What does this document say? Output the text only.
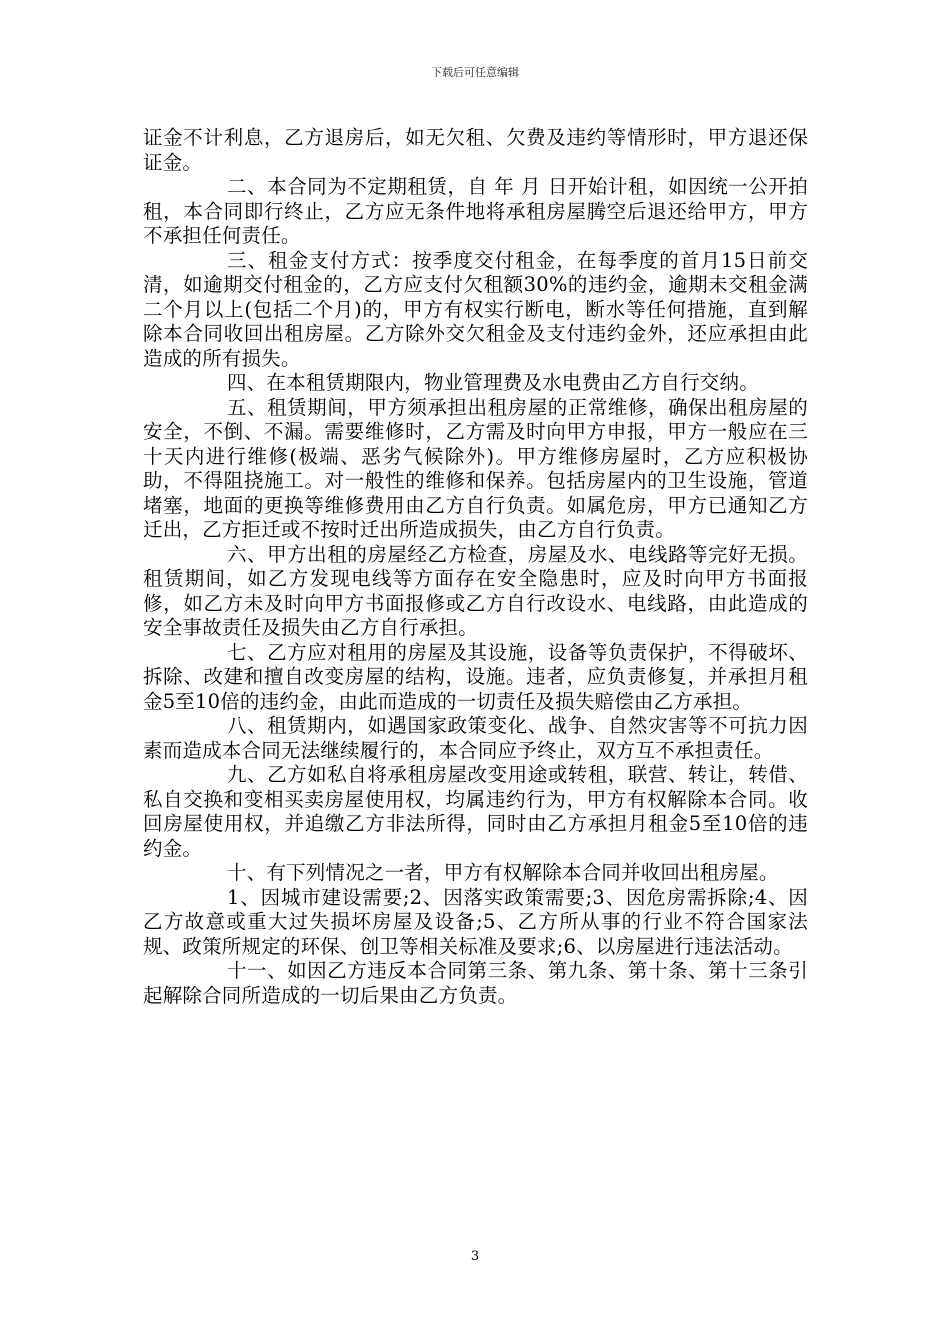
下载后可任意编辑

证金不计利息，乙方退房后，如无欠租、欠费及违约等情形时，甲方退还保证金。

二、本合同为不定期租赁，自 年 月 日开始计租，如因统一公开拍租，本合同即行终止，乙方应无条件地将承租房屋腾空后退还给甲方，甲方不承担任何责任。

三、租金支付方式：按季度交付租金，在每季度的首月15日前交清，如逾期交付租金的，乙方应支付欠租额30%的违约金，逾期未交租金满二个月以上(包括二个月)的，甲方有权实行断电，断水等任何措施，直到解除本合同收回出租房屋。乙方除外交欠租金及支付违约金外，还应承担由此造成的所有损失。

四、在本租赁期限内，物业管理费及水电费由乙方自行交纳。

五、租赁期间，甲方须承担出租房屋的正常维修，确保出租房屋的安全，不倒、不漏。需要维修时，乙方需及时向甲方申报，甲方一般应在三十天内进行维修(极端、恶劣气候除外)。甲方维修房屋时，乙方应积极协助，不得阻挠施工。对一般性的维修和保养。包括房屋内的卫生设施，管道堵塞，地面的更换等维修费用由乙方自行负责。如属危房，甲方已通知乙方迁出，乙方拒迁或不按时迁出所造成损失，由乙方自行负责。

六、甲方出租的房屋经乙方检查，房屋及水、电线路等完好无损。租赁期间，如乙方发现电线等方面存在安全隐患时，应及时向甲方书面报修，如乙方未及时向甲方书面报修或乙方自行改设水、电线路，由此造成的安全事故责任及损失由乙方自行承担。

七、乙方应对租用的房屋及其设施，设备等负责保护，不得破坏、拆除、改建和擅自改变房屋的结构，设施。违者，应负责修复，并承担月租金5至10倍的违约金，由此而造成的一切责任及损失赔偿由乙方承担。

八、租赁期内，如遇国家政策变化、战争、自然灾害等不可抗力因素而造成本合同无法继续履行的，本合同应予终止，双方互不承担责任。

九、乙方如私自将承租房屋改变用途或转租，联营、转让，转借、私自交换和变相买卖房屋使用权，均属违约行为，甲方有权解除本合同。收回房屋使用权，并追缴乙方非法所得，同时由乙方承担月租金5至10倍的违约金。

十、有下列情况之一者，甲方有权解除本合同并收回出租房屋。

1、因城市建设需要;2、因落实政策需要;3、因危房需拆除;4、因乙方故意或重大过失损坏房屋及设备;5、乙方所从事的行业不符合国家法规、政策所规定的环保、创卫等相关标准及要求;6、以房屋进行违法活动。

十一、如因乙方违反本合同第三条、第九条、第十条、第十三条引起解除合同所造成的一切后果由乙方负责。

3
